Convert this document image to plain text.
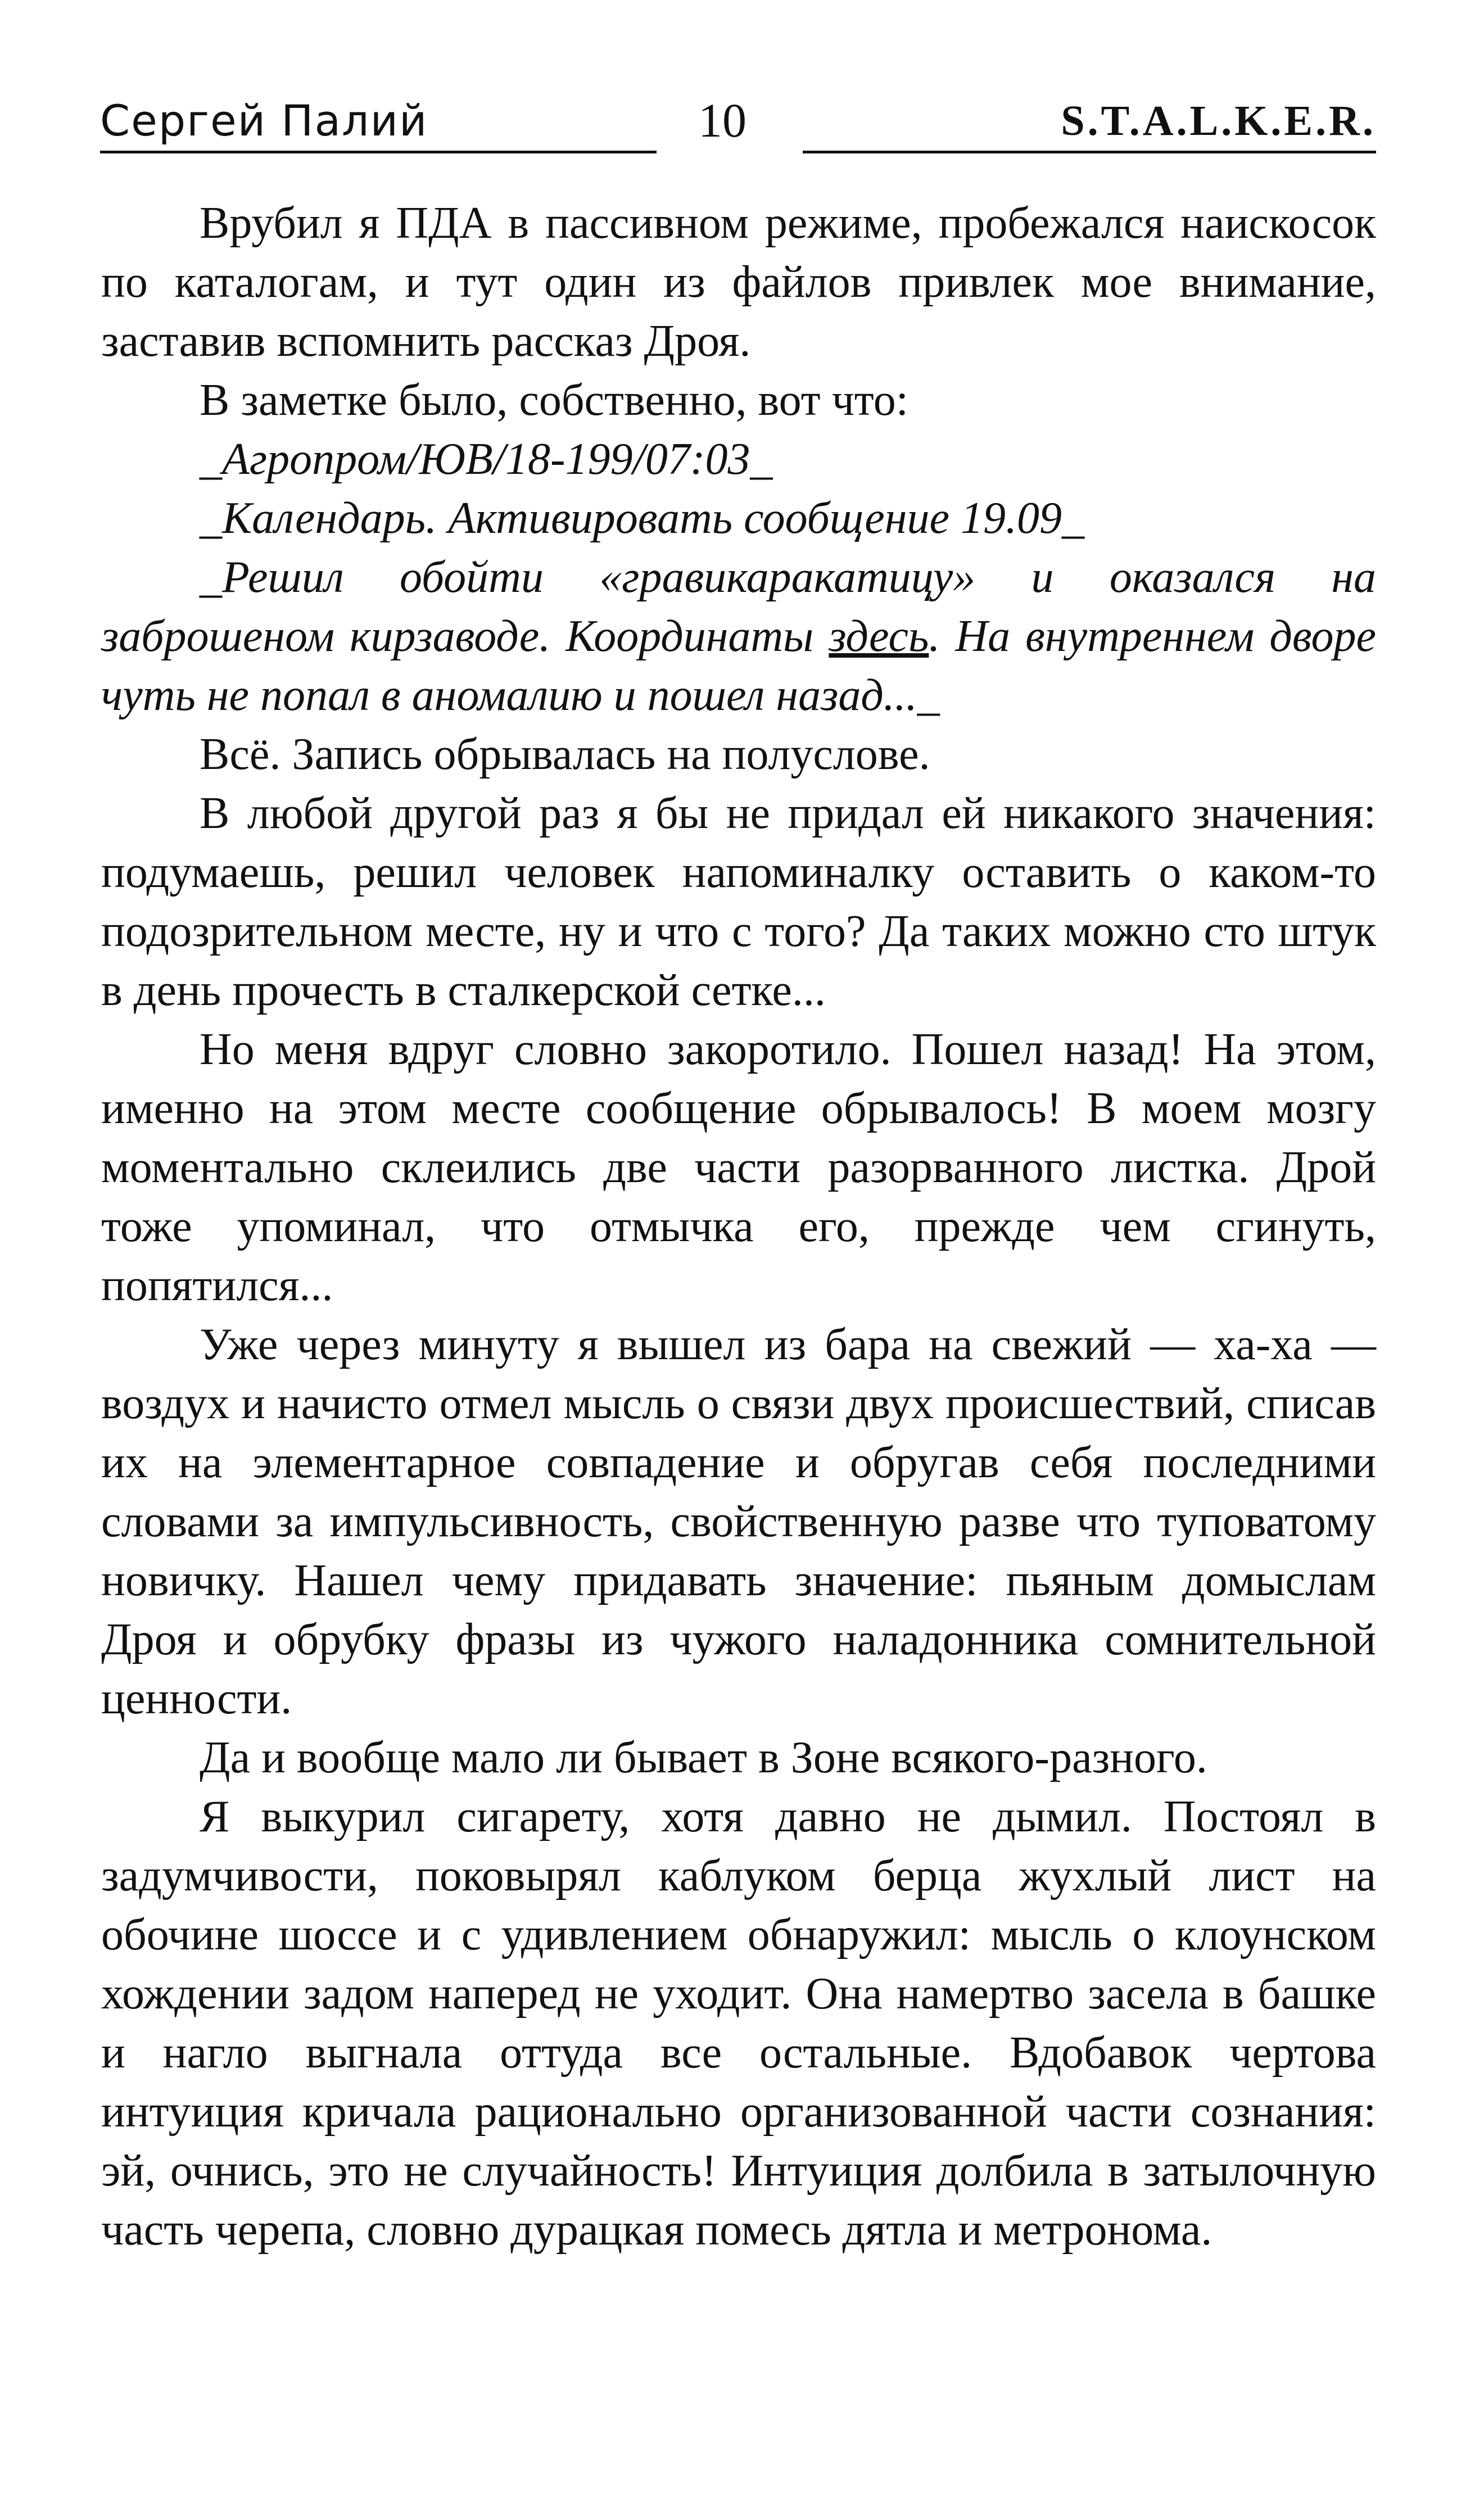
Сергей Палий	10	S.T.A.L.K.E.R.

Врубил я ПДА в пассивном режиме, пробежался наискосок по каталогам, и тут один из файлов привлек мое внимание, заставив вспомнить рассказ Дроя.

В заметке было, собственно, вот что:

_Агропром/ЮВ/18-199/07:03_

_Календарь. Активировать сообщение 19.09_

_Решил обойти «гравикаракатицу» и оказался на заброшеном кирзаводе. Координаты здесь. На внутреннем дворе чуть не попал в аномалию и пошел назад..._

Всё. Запись обрывалась на полуслове.

В любой другой раз я бы не придал ей никакого значения: подумаешь, решил человек напоминалку оставить о каком-то подозрительном месте, ну и что с того? Да таких можно сто штук в день прочесть в сталкерской сетке...

Но меня вдруг словно закоротило. Пошел назад! На этом, именно на этом месте сообщение обрывалось! В моем мозгу моментально склеились две части разорванного листка. Дрой тоже упоминал, что отмычка его, прежде чем сгинуть, попятился...

Уже через минуту я вышел из бара на свежий — ха-ха — воздух и начисто отмел мысль о связи двух происшествий, списав их на элементарное совпадение и обругав себя последними словами за импульсивность, свойственную разве что туповатому новичку. Нашел чему придавать значение: пьяным домыслам Дроя и обрубку фразы из чужого наладонника сомнительной ценности.

Да и вообще мало ли бывает в Зоне всякого-разного.

Я выкурил сигарету, хотя давно не дымил. Постоял в задумчивости, поковырял каблуком берца жухлый лист на обочине шоссе и с удивлением обнаружил: мысль о клоунском хождении задом наперед не уходит. Она намертво засела в башке и нагло выгнала оттуда все остальные. Вдобавок чертова интуиция кричала рационально организованной части сознания: эй, очнись, это не случайность! Интуиция долбила в затылочную часть черепа, словно дурацкая помесь дятла и метронома.
